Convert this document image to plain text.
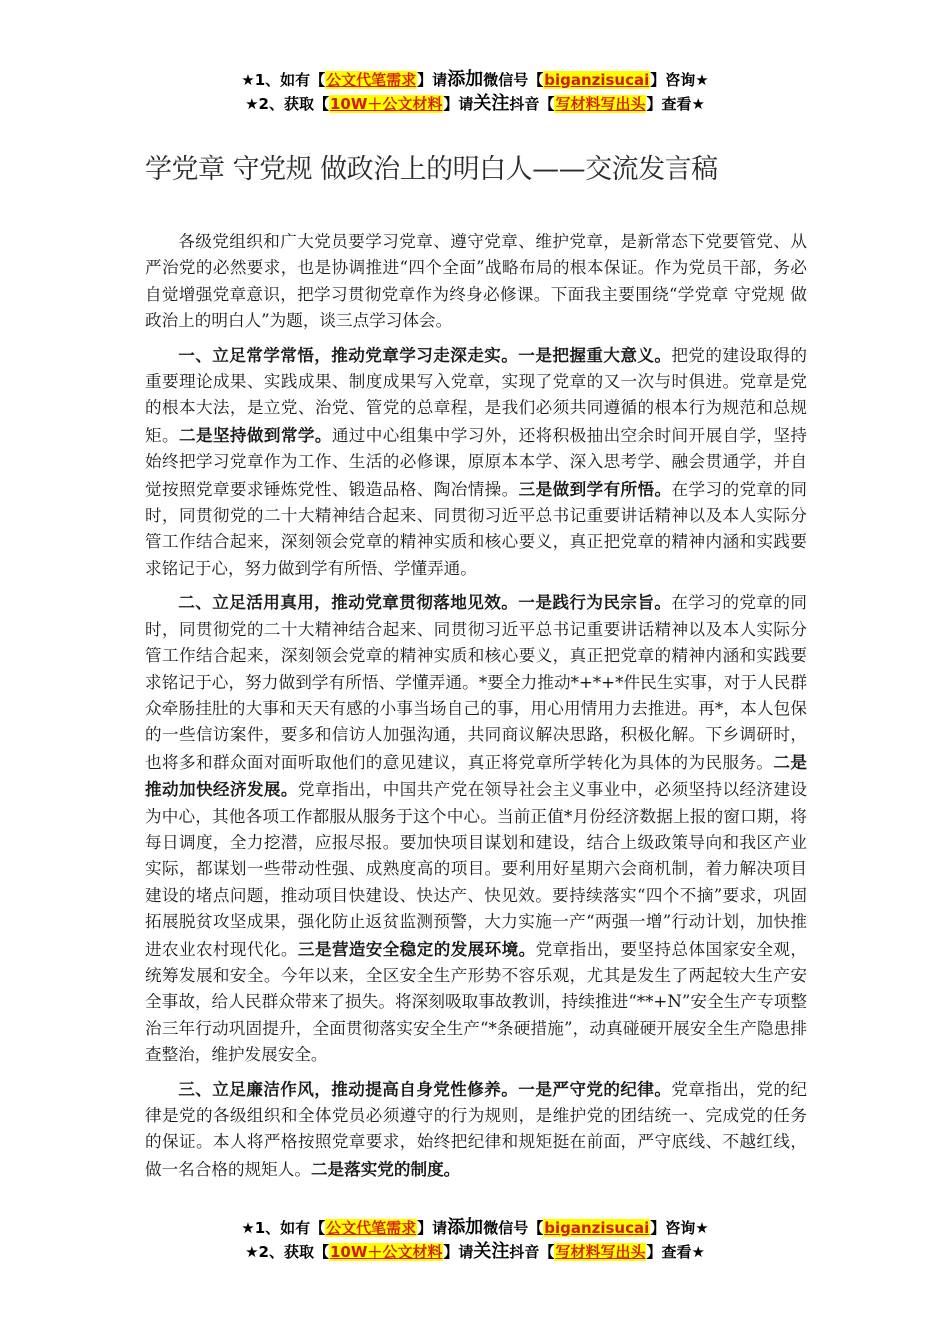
★1、如有【公文代笔需求】请添加微信号【biganzisucai】咨询★
★2、获取【10W＋公文材料】请关注抖音【写材料写出头】查看★
学党章 守党规 做政治上的明白人——交流发言稿

各级党组织和广大党员要学习党章、遵守党章、维护党章，是新常态下党要管党、从严治党的必然要求，也是协调推进“四个全面”战略布局的根本保证。作为党员干部，务必自觉增强党章意识，把学习贯彻党章作为终身必修课。下面我主要围绕“学党章 守党规 做政治上的明白人”为题，谈三点学习体会。

一、立足常学常悟，推动党章学习走深走实。一是把握重大意义。把党的建设取得的重要理论成果、实践成果、制度成果写入党章，实现了党章的又一次与时俱进。党章是党的根本大法，是立党、治党、管党的总章程，是我们必须共同遵循的根本行为规范和总规矩。二是坚持做到常学。通过中心组集中学习外，还将积极抽出空余时间开展自学，坚持始终把学习党章作为工作、生活的必修课，原原本本学、深入思考学、融会贯通学，并自觉按照党章要求锤炼党性、锻造品格、陶冶情操。三是做到学有所悟。在学习的党章的同时，同贯彻党的二十大精神结合起来、同贯彻习近平总书记重要讲话精神以及本人实际分管工作结合起来，深刻领会党章的精神实质和核心要义，真正把党章的精神内涵和实践要求铭记于心，努力做到学有所悟、学懂弄通。

二、立足活用真用，推动党章贯彻落地见效。一是践行为民宗旨。在学习的党章的同时，同贯彻党的二十大精神结合起来、同贯彻习近平总书记重要讲话精神以及本人实际分管工作结合起来，深刻领会党章的精神实质和核心要义，真正把党章的精神内涵和实践要求铭记于心，努力做到学有所悟、学懂弄通。*要全力推动*+*+*件民生实事，对于人民群众牵肠挂肚的大事和天天有感的小事当场自己的事，用心用情用力去推进。再*，本人包保的一些信访案件，要多和信访人加强沟通，共同商议解决思路，积极化解。下乡调研时，也将多和群众面对面听取他们的意见建议，真正将党章所学转化为具体的为民服务。二是推动加快经济发展。党章指出，中国共产党在领导社会主义事业中，必须坚持以经济建设为中心，其他各项工作都服从服务于这个中心。当前正值*月份经济数据上报的窗口期，将每日调度，全力挖潜，应报尽报。要加快项目谋划和建设，结合上级政策导向和我区产业实际，都谋划一些带动性强、成熟度高的项目。要利用好星期六会商机制，着力解决项目建设的堵点问题，推动项目快建设、快达产、快见效。要持续落实“四个不摘”要求，巩固拓展脱贫攻坚成果，强化防止返贫监测预警，大力实施一产“两强一增”行动计划，加快推进农业农村现代化。三是营造安全稳定的发展环境。党章指出，要坚持总体国家安全观，统筹发展和安全。今年以来，全区安全生产形势不容乐观，尤其是发生了两起较大生产安全事故，给人民群众带来了损失。将深刻吸取事故教训，持续推进“**+N”安全生产专项整治三年行动巩固提升，全面贯彻落实安全生产“*条硬措施”，动真碰硬开展安全生产隐患排查整治，维护发展安全。

三、立足廉洁作风，推动提高自身党性修养。一是严守党的纪律。党章指出，党的纪律是党的各级组织和全体党员必须遵守的行为规则，是维护党的团结统一、完成党的任务的保证。本人将严格按照党章要求，始终把纪律和规矩挺在前面，严守底线、不越红线，做一名合格的规矩人。二是落实党的制度。

★1、如有【公文代笔需求】请添加微信号【biganzisucai】咨询★
★2、获取【10W＋公文材料】请关注抖音【写材料写出头】查看★
